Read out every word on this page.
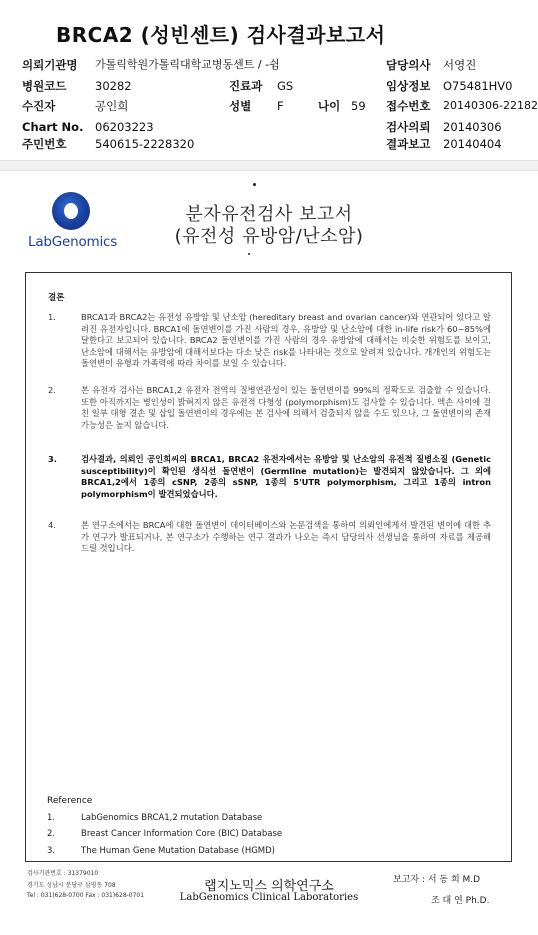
BRCA2 (성빈센트) 검사결과보고서
의뢰기관명 가톨릭학원가톨릭대학교병동센트 / -쉼	담당의사 서영진
병원코드 30282	진료과 GS	임상정보 O75481HV0
수진자	공인희	성별 F	나이 59 접수번호 20140306-22182
Chart No. 06203223	검사의뢰 20140306
주민번호 540615-2228320	결과보고 20140404
LabGenomics
분자유전검사 보고서
(유전성 유방암/난소암)
결론
1.	BRCA1과 BRCA2는 유전성 유방암 및 난소암 (hereditary breast and ovarian cancer)와 연관되어 있다고 알려진 유전자입니다. BRCA1에 돌연변이를 가진 사람의 경우, 유방암 및 난소암에 대한 in-life risk가 60~85%에 달한다고 보고되어 있습니다. BRCA2 돌연변이를 가진 사람의 경우 유방암에 대해서는 비슷한 위험도를 보이고, 난소암에 대해서는 유방암에 대해서보다는 다소 낮은 risk를 나타내는 것으로 알려져 있습니다. 개개인의 위험도는 돌연변이 유형과 가족력에 따라 차이를 보일 수 있습니다.
2.	본 유전자 검사는 BRCA1,2 유전자 전역의 질병연관성이 있는 돌연변이를 99%의 정확도로 검출할 수 있습니다. 또한 아직까지는 병인성이 밝혀지지 않은 유전적 다형성 (polymorphism)도 검사할 수 있습니다. 엑손 사이에 걸친 일부 대형 결손 및 삽입 돌연변이의 경우에는 본 검사에 의해서 검출되지 않을 수도 있으나, 그 돌연변이의 존재 가능성은 높지 않습니다.
3.	검사결과, 의뢰인 공인희씨의 BRCA1, BRCA2 유전자에서는 유방암 및 난소암의 유전적 질병소질 (Genetic susceptibility)이 확인된 생식선 돌연변이 (Germline mutation)는 발견되지 않았습니다. 그 외에 BRCA1,2에서 1종의 cSNP, 2종의 sSNP, 1종의 5'UTR polymorphism, 그리고 1종의 intron polymorphism이 발견되었습니다.
4.	본 연구소에서는 BRCA에 대한 돌연변이 데이터베이스와 논문검색을 통하여 의뢰인에게서 발견된 변이에 대한 추가 연구가 발표되거나, 본 연구소가 수행하는 연구 결과가 나오는 즉시 담당의사 선생님을 통하여 자료를 제공해 드릴 것입니다.
Reference
1.	LabGenomics BRCA1,2 mutation Database
2.	Breast Cancer Information Core (BIC) Database
3.	The Human Gene Mutation Database (HGMD)
검사기관번호 : 31379010
경기도 성남시 분당구 삼평동 708
Tel : 031)628-0700 Fax : 031)628-0701
랩지노믹스 의학연구소
LabGenomics Clinical Laboratories
보고자 : 서 동 희 M.D
조 대 연 Ph.D.
